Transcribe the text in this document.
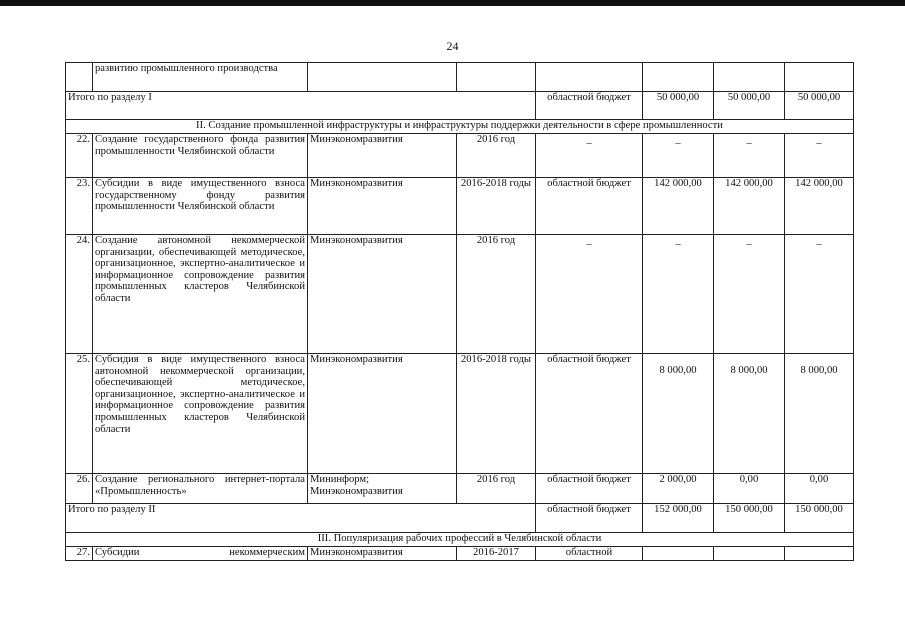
24
	развитию промышленного производства						
Итого по разделу I				областной бюджет	50 000,00	50 000,00	50 000,00
II. Создание промышленной инфраструктуры и инфраструктуры поддержки деятельности в сфере промышленности							
22.	Создание государственного фонда развития промышленности Челябинской области	Минэкономразвития	2016 год	–	–	–	–

23.	Субсидии в виде имущественного взноса государственному фонду развития промышленности Челябинской области	Минэкономразвития	2016-2018 годы	областной бюджет	142 000,00	142 000,00	142 000,00
24.	Создание автономной некоммерческой организации, обеспечивающей методическое, организационное, экспертно-аналитическое и информационное сопровождение развития промышленных кластеров Челябинской области	Минэкономразвития	2016 год	–	–	–	–

25.	Субсидия в виде имущественного взноса автономной некоммерческой организации, обеспечивающей методическое, организационное, экспертно-аналитическое и информационное сопровождение развития промышленных кластеров Челябинской области	Минэкономразвития	2016-2018 годы	областной бюджет	8 000,00	8 000,00	8 000,00

26.	Создание регионального интернет-портала «Промышленность»	Мининформ; Минэкономразвития	2016 год	областной бюджет	2 000,00	0,00	0,00
Итого по разделу II				областной бюджет	152 000,00	150 000,00	150 000,00
III. Популяризация рабочих профессий в Челябинской области							
27.	Субсидии некоммерческим	Минэкономразвития	2016-2017	областной			
